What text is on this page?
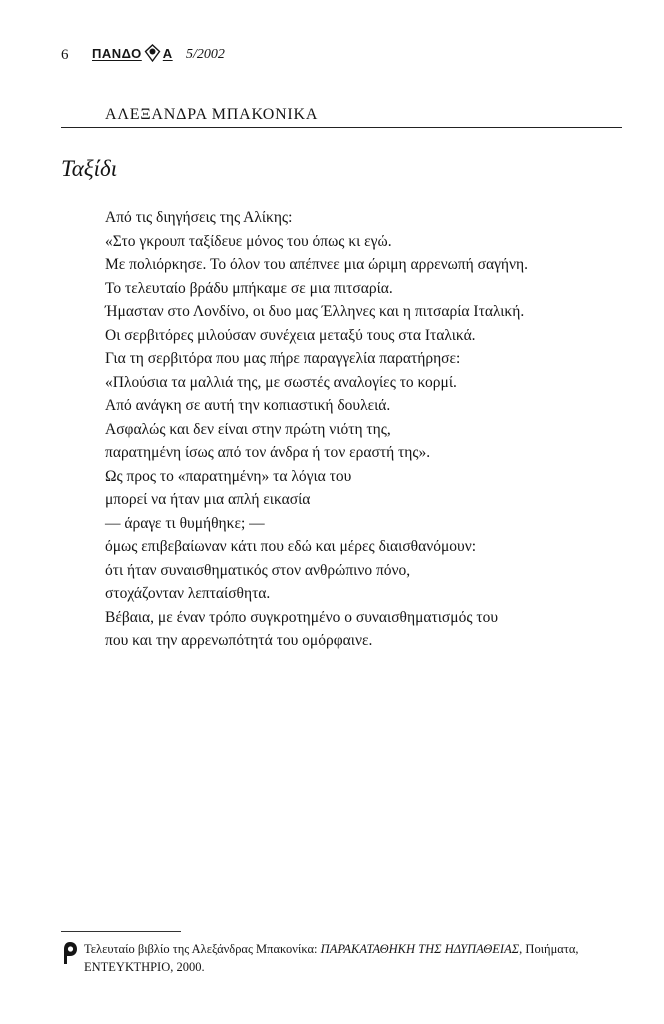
6 ΠΑΝΔΟ Α 5/2002
ΑΛΕΞΑΝΔΡΑ ΜΠΑΚΟΝΙΚΑ
Ταξίδι
Από τις διηγήσεις της Αλίκης:
«Στο γκρουπ ταξίδευε μόνος του όπως κι εγώ.
Με πολιόρκησε. Το όλον του απέπνεε μια ώριμη αρρενωπή σαγήνη.
Το τελευταίο βράδυ μπήκαμε σε μια πιτσαρία.
Ήμασταν στο Λονδίνο, οι δυο μας Έλληνες και η πιτσαρία Ιταλική.
Οι σερβιτόρες μιλούσαν συνέχεια μεταξύ τους στα Ιταλικά.
Για τη σερβιτόρα που μας πήρε παραγγελία παρατήρησε:
«Πλούσια τα μαλλιά της, με σωστές αναλογίες το κορμί.
Από ανάγκη σε αυτή την κοπιαστική δουλειά.
Ασφαλώς και δεν είναι στην πρώτη νιότη της,
παρατημένη ίσως από τον άνδρα ή τον εραστή της».
Ως προς το «παρατημένη» τα λόγια του
μπορεί να ήταν μια απλή εικασία
— άραγε τι θυμήθηκε; —
όμως επιβεβαίωναν κάτι που εδώ και μέρες διαισθανόμουν:
ότι ήταν συναισθηματικός στον ανθρώπινο πόνο,
στοχάζονταν λεπταίσθητα.
Βέβαια, με έναν τρόπο συγκροτημένο ο συναισθηματισμός του
που και την αρρενωπότητά του ομόρφαινε.
Τελευταίο βιβλίο της Αλεξάνδρας Μπακονίκα: ΠΑΡΑΚΑΤΑΘΗΚΗ ΤΗΣ ΗΔΥΠΑΘΕΙΑΣ, Ποιήματα,
ΕΝΤΕΥΚΤΗΡΙΟ, 2000.
